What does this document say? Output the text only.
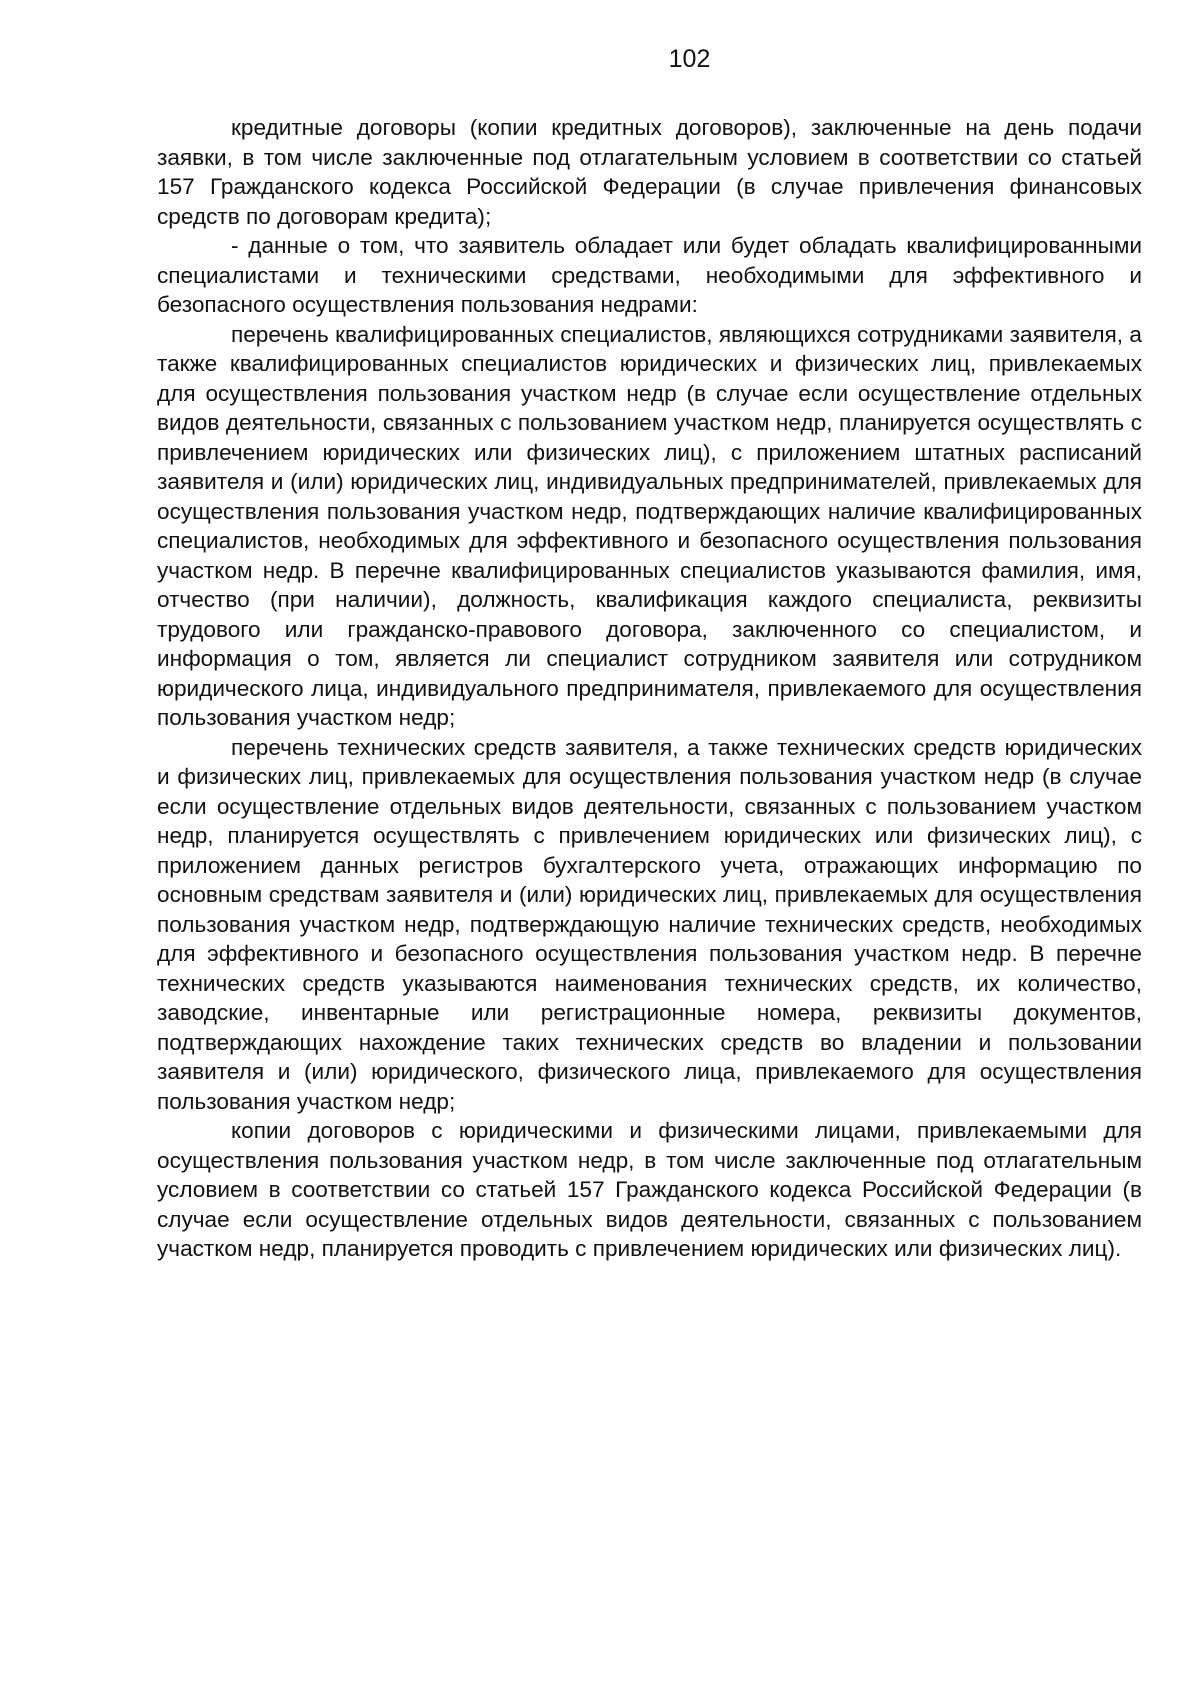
102

кредитные договоры (копии кредитных договоров), заключенные на день подачи заявки, в том числе заключенные под отлагательным условием в соответствии со статьей 157 Гражданского кодекса Российской Федерации (в случае привлечения финансовых средств по договорам кредита);

- данные о том, что заявитель обладает или будет обладать квалифицированными специалистами и техническими средствами, необходимыми для эффективного и безопасного осуществления пользования недрами:

перечень квалифицированных специалистов, являющихся сотрудниками заявителя, а также квалифицированных специалистов юридических и физических лиц, привлекаемых для осуществления пользования участком недр (в случае если осуществление отдельных видов деятельности, связанных с пользованием участком недр, планируется осуществлять с привлечением юридических или физических лиц), с приложением штатных расписаний заявителя и (или) юридических лиц, индивидуальных предпринимателей, привлекаемых для осуществления пользования участком недр, подтверждающих наличие квалифицированных специалистов, необходимых для эффективного и безопасного осуществления пользования участком недр. В перечне квалифицированных специалистов указываются фамилия, имя, отчество (при наличии), должность, квалификация каждого специалиста, реквизиты трудового или гражданско-правового договора, заключенного со специалистом, и информация о том, является ли специалист сотрудником заявителя или сотрудником юридического лица, индивидуального предпринимателя, привлекаемого для осуществления пользования участком недр;

перечень технических средств заявителя, а также технических средств юридических и физических лиц, привлекаемых для осуществления пользования участком недр (в случае если осуществление отдельных видов деятельности, связанных с пользованием участком недр, планируется осуществлять с привлечением юридических или физических лиц), с приложением данных регистров бухгалтерского учета, отражающих информацию по основным средствам заявителя и (или) юридических лиц, привлекаемых для осуществления пользования участком недр, подтверждающую наличие технических средств, необходимых для эффективного и безопасного осуществления пользования участком недр. В перечне технических средств указываются наименования технических средств, их количество, заводские, инвентарные или регистрационные номера, реквизиты документов, подтверждающих нахождение таких технических средств во владении и пользовании заявителя и (или) юридического, физического лица, привлекаемого для осуществления пользования участком недр;

копии договоров с юридическими и физическими лицами, привлекаемыми для осуществления пользования участком недр, в том числе заключенные под отлагательным условием в соответствии со статьей 157 Гражданского кодекса Российской Федерации (в случае если осуществление отдельных видов деятельности, связанных с пользованием участком недр, планируется проводить с привлечением юридических или физических лиц).
